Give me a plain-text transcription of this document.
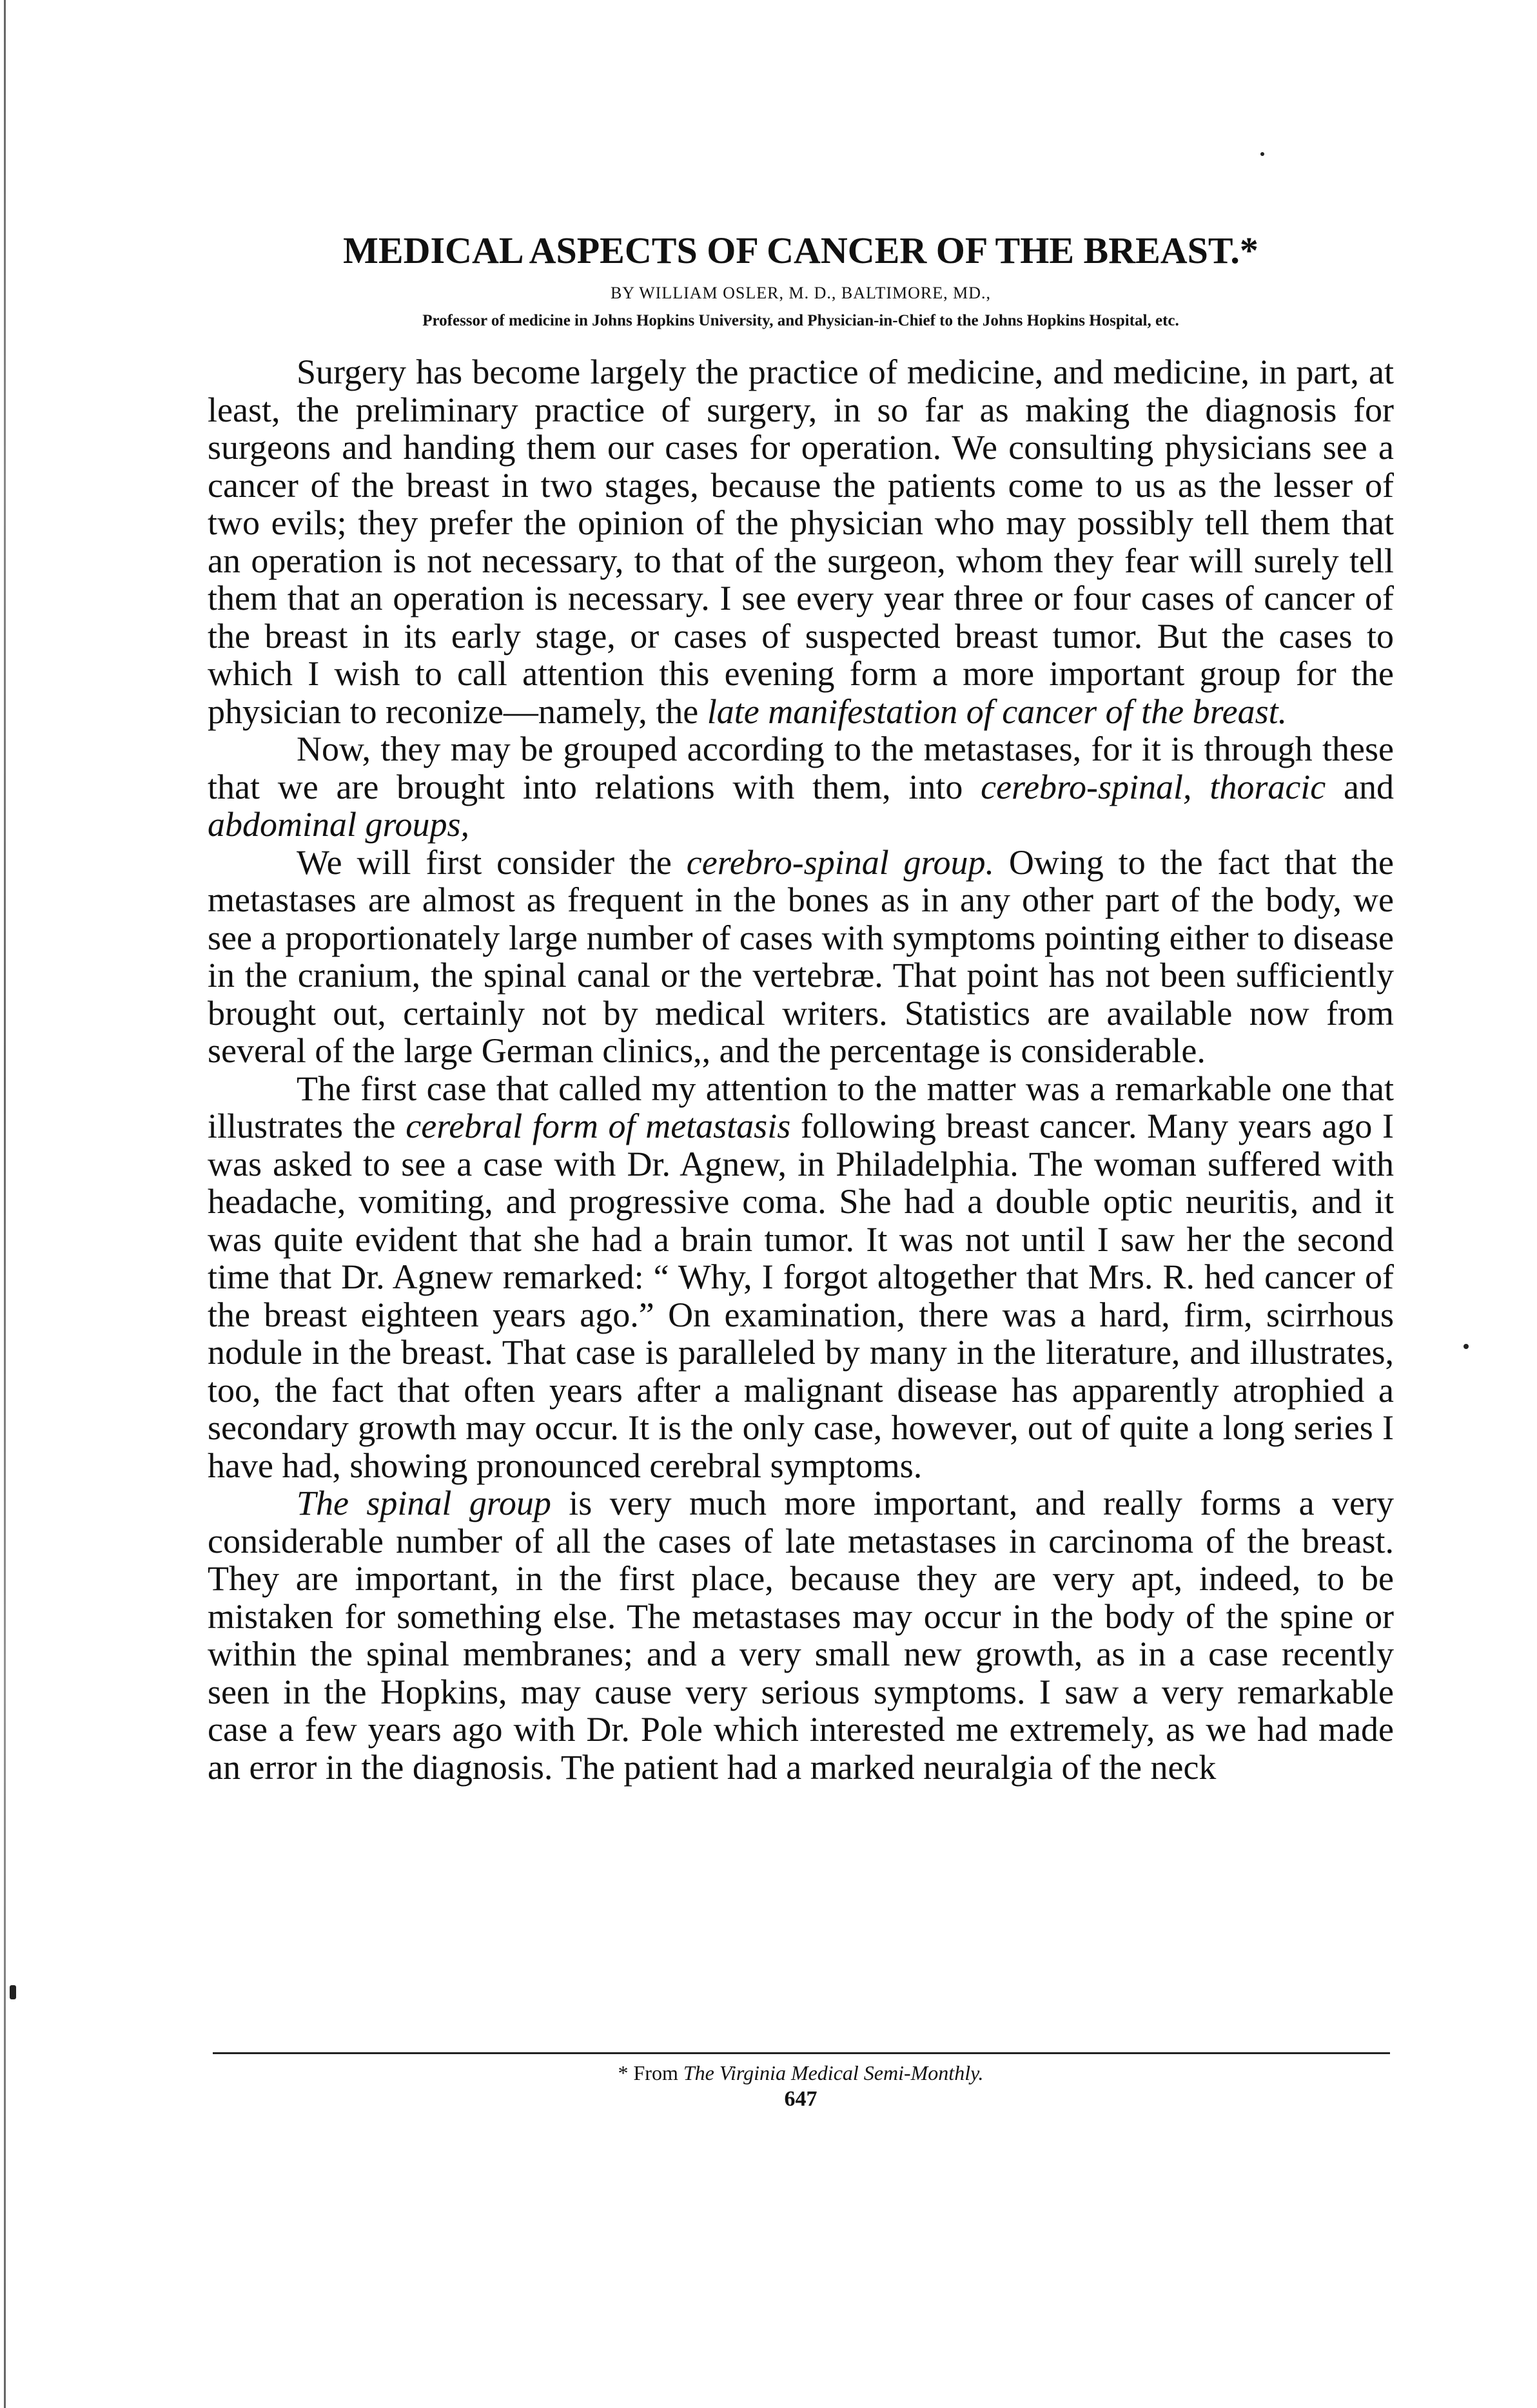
MEDICAL ASPECTS OF CANCER OF THE BREAST.*
BY WILLIAM OSLER, M. D., BALTIMORE, MD.,
Professor of medicine in Johns Hopkins University, and Physician-in-Chief to the Johns Hopkins Hospital, etc.

Surgery has become largely the practice of medicine, and medicine, in part, at least, the preliminary practice of surgery, in so far as making the diagnosis for surgeons and handing them our cases for operation. We consulting physicians see a cancer of the breast in two stages, because the patients come to us as the lesser of two evils; they prefer the opinion of the physician who may possibly tell them that an operation is not necessary, to that of the surgeon, whom they fear will surely tell them that an operation is necessary. I see every year three or four cases of cancer of the breast in its early stage, or cases of suspected breast tumor. But the cases to which I wish to call attention this evening form a more important group for the physician to reconize—namely, the late manifestation of cancer of the breast.

Now, they may be grouped according to the metastases, for it is through these that we are brought into relations with them, into cerebro-spinal, thoracic and abdominal groups,

We will first consider the cerebro-spinal group. Owing to the fact that the metastases are almost as frequent in the bones as in any other part of the body, we see a proportionately large number of cases with symptoms pointing either to disease in the cranium, the spinal canal or the vertebræ. That point has not been sufficiently brought out, certainly not by medical writers. Statistics are available now from several of the large German clinics,, and the percentage is considerable.

The first case that called my attention to the matter was a remarkable one that illustrates the cerebral form of metastasis following breast cancer. Many years ago I was asked to see a case with Dr. Agnew, in Philadelphia. The woman suffered with headache, vomiting, and progressive coma. She had a double optic neuritis, and it was quite evident that she had a brain tumor. It was not until I saw her the second time that Dr. Agnew remarked: “ Why, I forgot altogether that Mrs. R. hed cancer of the breast eighteen years ago.” On examination, there was a hard, firm, scirrhous nodule in the breast. That case is paralleled by many in the literature, and illustrates, too, the fact that often years after a malignant disease has apparently atrophied a secondary growth may occur. It is the only case, however, out of quite a long series I have had, showing pronounced cerebral symptoms.

The spinal group is very much more important, and really forms a very considerable number of all the cases of late metastases in carcinoma of the breast. They are important, in the first place, because they are very apt, indeed, to be mistaken for something else. The metastases may occur in the body of the spine or within the spinal membranes; and a very small new growth, as in a case recently seen in the Hopkins, may cause very serious symptoms. I saw a very remarkable case a few years ago with Dr. Pole which interested me extremely, as we had made an error in the diagnosis. The patient had a marked neuralgia of the neck

* From The Virginia Medical Semi-Monthly.
647
